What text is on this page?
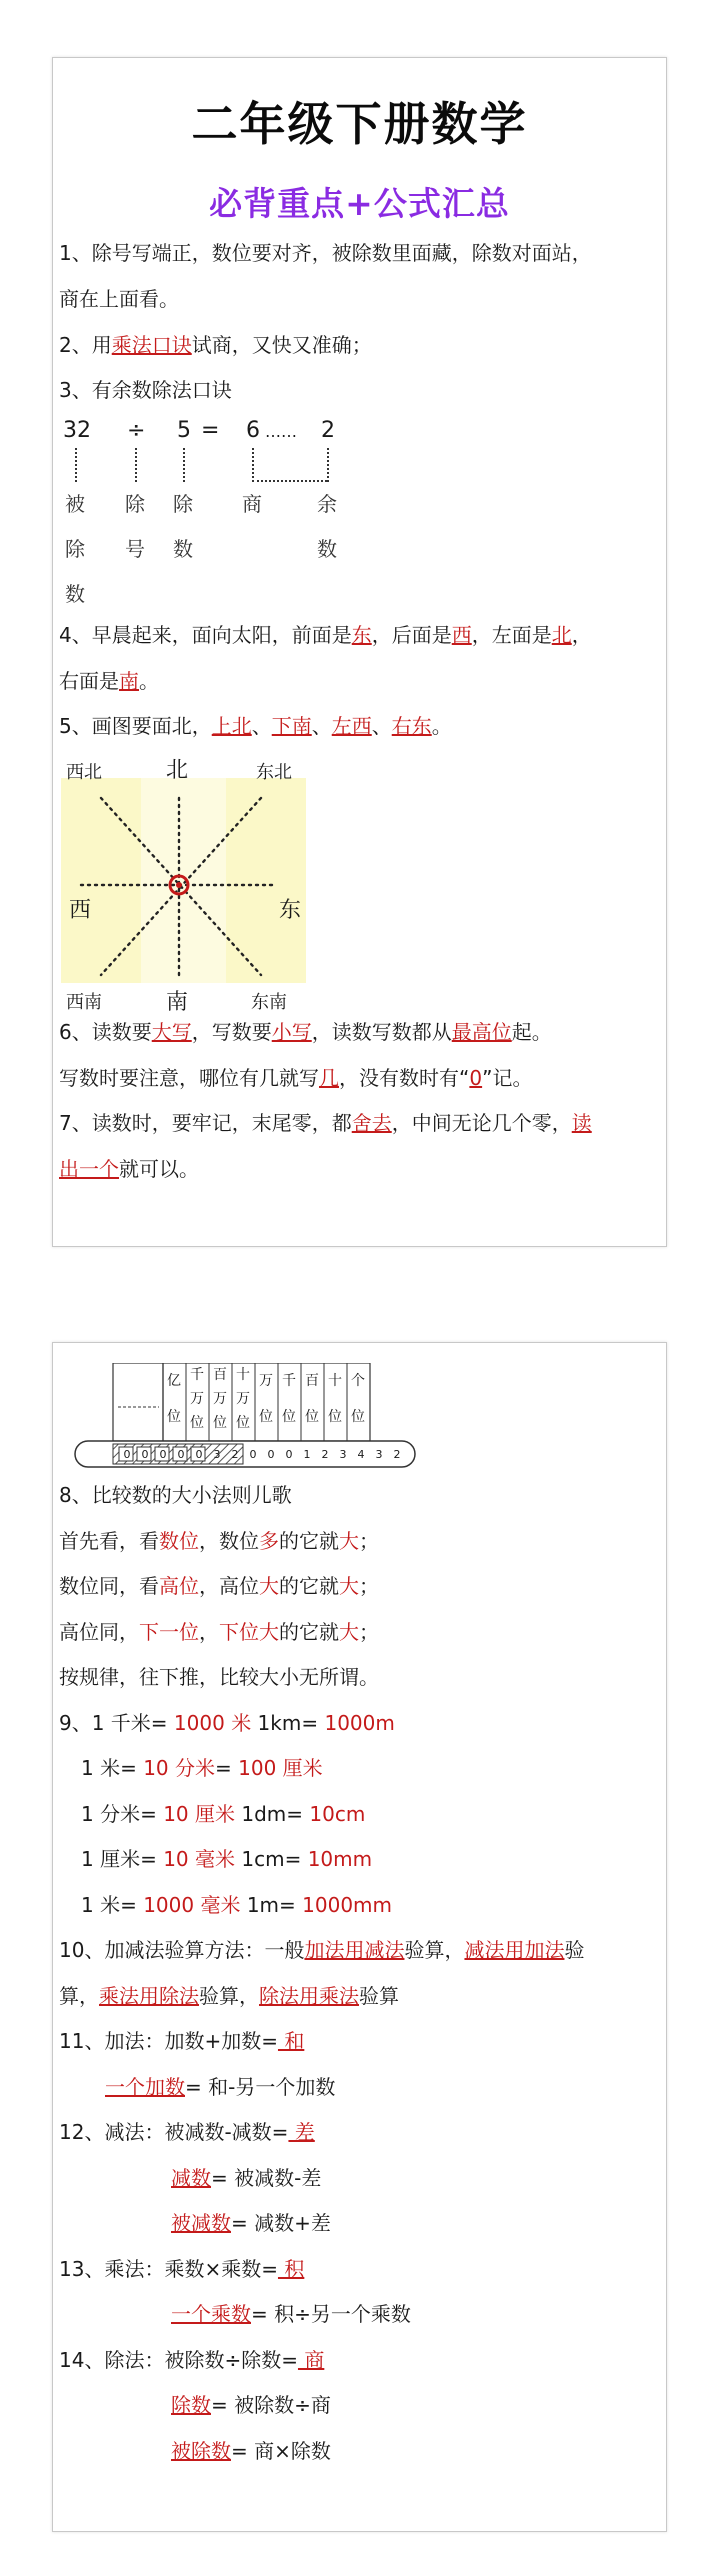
二年级下册数学
必背重点+公式汇总
1、除号写端正，数位要对齐，被除数里面藏，除数对面站，
商在上面看。
2、用乘法口诀试商，又快又准确；
3、有余数除法口诀
32 ÷ 5 = 6 …… 2
被
除
数
除
号
除
数
商	余
数
4、早晨起来，面向太阳，前面是东，后面是西，左面是北，
右面是南。
5、画图要面北，上北、下南、左西、右东。
北
南
东
西
东北
西北
东南
西南
6、读数要大写，写数要小写，读数写数都从最高位起。
写数时要注意，哪位有几就写几，没有数时有“0”记。
7、读数时，要牢记，末尾零，都舍去，中间无论几个零，读
出一个就可以。
亿位
千万位
百万位
十万位
万位
千位
百位
十位
个位
0 0 0 0 0 3 2 0 0 0 1 2 3 4 3 2
8、比较数的大小法则儿歌
首先看，看数位，数位多的它就大；
数位同，看高位，高位大的它就大；
高位同，下一位，下位大的它就大；
按规律，往下推，比较大小无所谓。
9、1 千米= 1000 米 1km= 1000m
1 米= 10 分米= 100 厘米
1 分米= 10 厘米 1dm= 10cm
1 厘米= 10 毫米 1cm= 10mm
1 米= 1000 毫米 1m= 1000mm
10、加减法验算方法：一般加法用减法验算，减法用加法验
算，乘法用除法验算，除法用乘法验算
11、加法：加数+加数= 和
一个加数= 和-另一个加数
12、减法：被减数-减数= 差
减数= 被减数-差
被减数= 减数+差
13、乘法：乘数×乘数= 积
一个乘数= 积÷另一个乘数
14、除法：被除数÷除数= 商
除数= 被除数÷商
被除数= 商×除数
